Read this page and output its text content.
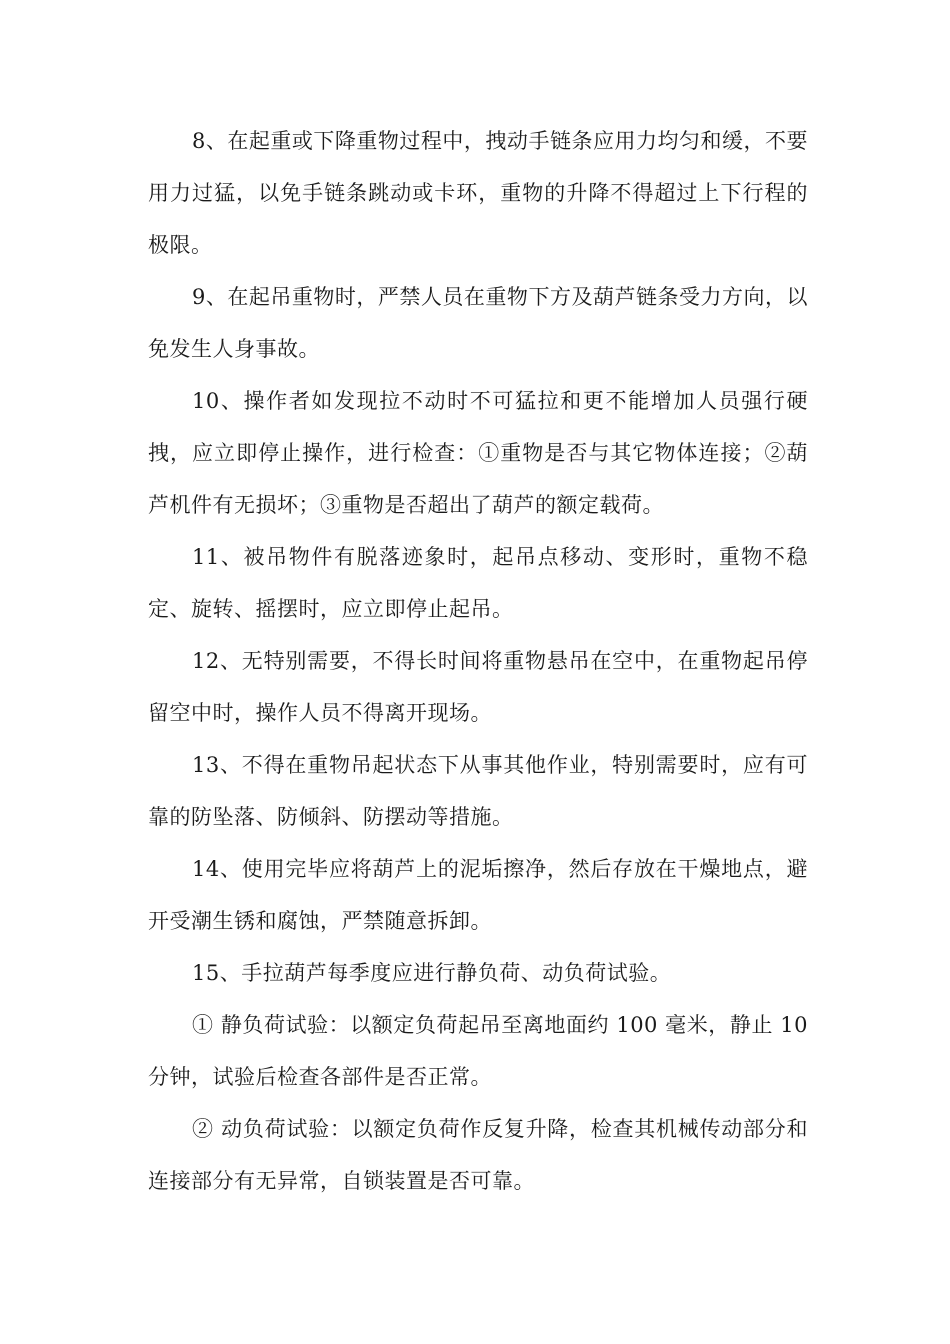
8、在起重或下降重物过程中，拽动手链条应用力均匀和缓，不要用力过猛，以免手链条跳动或卡环，重物的升降不得超过上下行程的极限。

9、在起吊重物时，严禁人员在重物下方及葫芦链条受力方向，以免发生人身事故。

10、操作者如发现拉不动时不可猛拉和更不能增加人员强行硬拽，应立即停止操作，进行检查：①重物是否与其它物体连接；②葫芦机件有无损坏；③重物是否超出了葫芦的额定载荷。

11、被吊物件有脱落迹象时，起吊点移动、变形时，重物不稳定、旋转、摇摆时，应立即停止起吊。

12、无特别需要，不得长时间将重物悬吊在空中，在重物起吊停留空中时，操作人员不得离开现场。

13、不得在重物吊起状态下从事其他作业，特别需要时，应有可靠的防坠落、防倾斜、防摆动等措施。

14、使用完毕应将葫芦上的泥垢擦净，然后存放在干燥地点，避开受潮生锈和腐蚀，严禁随意拆卸。

15、手拉葫芦每季度应进行静负荷、动负荷试验。

① 静负荷试验：以额定负荷起吊至离地面约 100 毫米，静止 10 分钟，试验后检查各部件是否正常。

② 动负荷试验：以额定负荷作反复升降，检查其机械传动部分和连接部分有无异常，自锁装置是否可靠。
